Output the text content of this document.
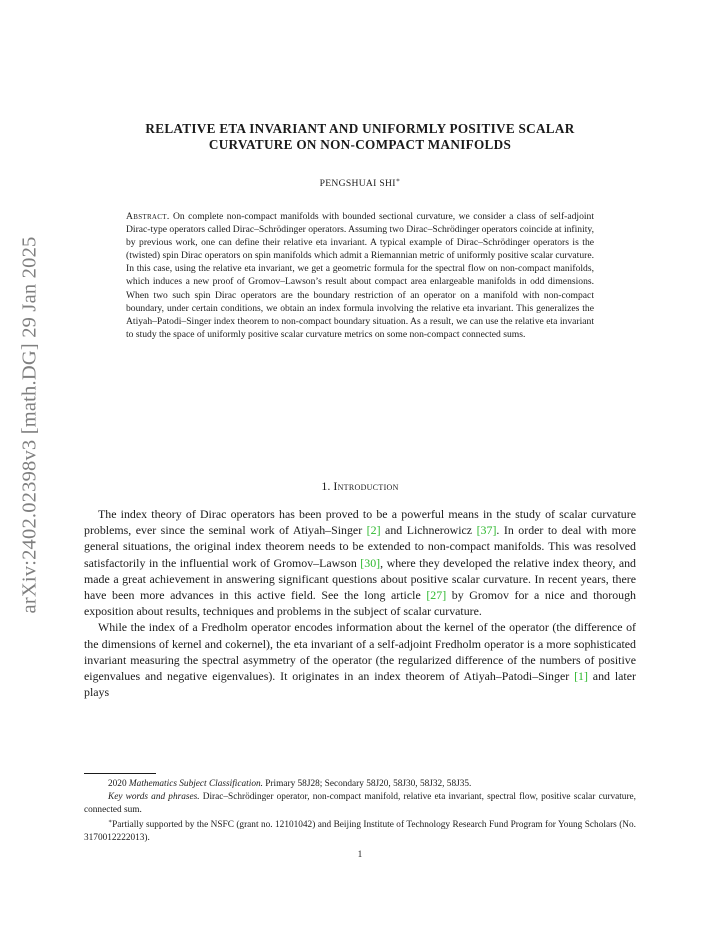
arXiv:2402.02398v3 [math.DG] 29 Jan 2025
RELATIVE ETA INVARIANT AND UNIFORMLY POSITIVE SCALAR
CURVATURE ON NON-COMPACT MANIFOLDS
PENGSHUAI SHI∗
Abstract. On complete non-compact manifolds with bounded sectional curvature, we consider a class of self-adjoint Dirac-type operators called Dirac–Schrödinger operators. Assuming two Dirac–Schrödinger operators coincide at infinity, by previous work, one can define their relative eta invariant. A typical example of Dirac–Schrödinger operators is the (twisted) spin Dirac operators on spin manifolds which admit a Riemannian metric of uniformly positive scalar curvature. In this case, using the relative eta invariant, we get a geometric formula for the spectral flow on non-compact manifolds, which induces a new proof of Gromov–Lawson’s result about compact area enlargeable manifolds in odd dimensions. When two such spin Dirac operators are the boundary restriction of an operator on a manifold with non-compact boundary, under certain conditions, we obtain an index formula involving the relative eta invariant. This generalizes the Atiyah–Patodi–Singer index theorem to non-compact boundary situation. As a result, we can use the relative eta invariant to study the space of uniformly positive scalar curvature metrics on some non-compact connected sums.
1. Introduction

The index theory of Dirac operators has been proved to be a powerful means in the study of scalar curvature problems, ever since the seminal work of Atiyah–Singer [2] and Lichnerowicz [37]. In order to deal with more general situations, the original index theorem needs to be extended to non-compact manifolds. This was resolved satisfactorily in the influential work of Gromov–Lawson [30], where they developed the relative index theory, and made a great achievement in answering significant questions about positive scalar curvature. In recent years, there have been more advances in this active field. See the long article [27] by Gromov for a nice and thorough exposition about results, techniques and problems in the subject of scalar curvature.

While the index of a Fredholm operator encodes information about the kernel of the operator (the difference of the dimensions of kernel and cokernel), the eta invariant of a self-adjoint Fredholm operator is a more sophisticated invariant measuring the spectral asymmetry of the operator (the regularized difference of the numbers of positive eigenvalues and negative eigenvalues). It originates in an index theorem of Atiyah–Patodi–Singer [1] and later plays

2020 Mathematics Subject Classification. Primary 58J28; Secondary 58J20, 58J30, 58J32, 58J35.

Key words and phrases. Dirac–Schrödinger operator, non-compact manifold, relative eta invariant, spectral flow, positive scalar curvature, connected sum.

∗Partially supported by the NSFC (grant no. 12101042) and Beijing Institute of Technology Research Fund Program for Young Scholars (No. 3170012222013).

1
